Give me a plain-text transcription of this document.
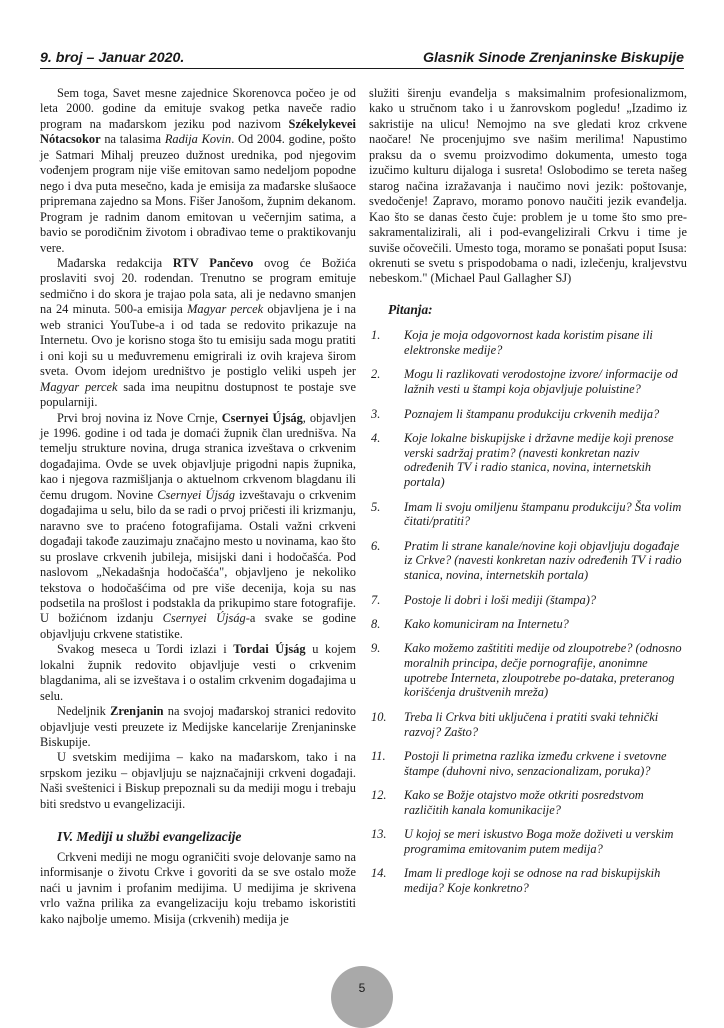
9. broj – Januar 2020.	Glasnik Sinode Zrenjaninske Biskupije

Sem toga, Savet mesne zajednice Skorenovca počeo je od leta 2000. godine da emituje svakog petka naveče radio program na mađarskom jeziku pod nazivom Székelykevei Nótacsokor na talasima Radija Kovin. Od 2004. godine, pošto je Satmari Mihalj preuzeo dužnost urednika, pod njegovim vođenjem program nije više emitovan samo nedeljom popodne nego i dva puta mesečno, kada je emisija za mađarske slušaoce pripremana zajedno sa Mons. Fišer Janošom, župnim dekanom. Program je radnim danom emitovan u večernjim satima, a bavio se porodičnim životom i obrađivao teme o praktikovanju vere.

Mađarska redakcija RTV Pančevo ovog će Božića proslaviti svoj 20. rodendan. Trenutno se program emituje sedmično i do skora je trajao pola sata, ali je nedavno smanjen na 24 minuta. 500-a emisija Magyar percek objavljena je i na web stranici YouTube-a i od tada se redovito prikazuje na Internetu. Ovo je korisno stoga što tu emisiju sada mogu pratiti i oni koji su u međuvremenu emigrirali iz ovih krajeva širom sveta. Ovom idejom uredništvo je postiglo veliki uspeh jer Magyar percek sada ima neupitnu dostupnost te postaje sve popularniji.

Prvi broj novina iz Nove Crnje, Csernyei Újság, objavljen je 1996. godine i od tada je domaći župnik član urednišva. Na temelju strukture novina, druga stranica izveštava o crkvenim događajima. Ovde se uvek objavljuje prigodni napis župnika, kao i njegova razmišljanja o aktuelnom crkvenom blagdanu ili čemu drugom. Novine Csernyei Újság izveštavaju o crkvenim događajima u selu, bilo da se radi o prvoj pričesti ili krizmanju, naravno sve to praćeno fotografijama. Ostali važni crkveni događaji takođe zauzimaju značajno mesto u novinama, kao što su proslave crkvenih jubileja, misijski dani i hodočašća. Pod naslovom „Nekadašnja hodočašća", objavljeno je nekoliko tekstova o hodočašćima od pre više decenija, koja su nas podsetila na prošlost i podstakla da prikupimo stare fotografije. U božićnom izdanju Csernyei Újság-a svake se godine objavljuju crkvene statistike.

Svakog meseca u Tordi izlazi i Tordai Újság u kojem lokalni župnik redovito objavljuje vesti o crkvenim blagdanima, ali se izveštava i o ostalim crkvenim događajima u selu.

Nedeljnik Zrenjanin na svojoj mađarskoj stranici redovito objavljuje vesti preuzete iz Medijske kancelarije Zrenjaninske Biskupije.

U svetskim medijima – kako na mađarskom, tako i na srpskom jeziku – objavljuju se najznačajniji crkveni događaji. Naši sveštenici i Biskup prepoznali su da mediji mogu i trebaju biti sredstvo u evangelizaciji.

IV. Mediji u službi evangelizacije

Crkveni mediji ne mogu ograničiti svoje delovanje samo na informisanje o životu Crkve i govoriti da se sve ostalo može naći u javnim i profanim medijima. U medijima je skrivena vrlo važna prilika za evangelizaciju koju trebamo iskoristiti kako najbolje umemo. Misija (crkvenih) medija je

služiti širenju evanđelja s maksimalnim profesionalizmom, kako u stručnom tako i u žanrovskom pogledu! „Izadimo iz sakristije na ulicu! Nemojmo na sve gledati kroz crkvene naočare! Ne procenjujmo sve našim merilima! Napustimo praksu da o svemu proizvodimo dokumenta, umesto toga izučimo kulturu dijaloga i susreta! Oslobodimo se tereta našeg starog načina izražavanja i naučimo novi jezik: poštovanje, svedočenje! Zapravo, moramo ponovo naučiti jezik evanđelja. Kao što se danas često čuje: problem je u tome što smo pre-sakramentalizirali, ali i pod-evangelizirali Crkvu i time je suviše očovečili. Umesto toga, moramo se ponašati poput Isusa: okrenuti se svetu s prispodobama o nadi, izlečenju, kraljevstvu nebeskom." (Michael Paul Gallagher SJ)

Pitanja:
1.	Koja je moja odgovornost kada koristim pisane ili elektronske medije?
2.	Mogu li razlikovati verodostojne izvore/ informacije od lažnih vesti u štampi koja objavljuje poluistine?
3.	Poznajem li štampanu produkciju crkvenih medija?
4.	Koje lokalne biskupijske i državne medije koji prenose verski sadržaj pratim? (navesti konkretan naziv određenih TV i radio stanica, novina, internetskih portala)
5.	Imam li svoju omiljenu štampanu produkciju? Šta volim čitati/pratiti?
6.	Pratim li strane kanale/novine koji objavljuju događaje iz Crkve? (navesti konkretan naziv određenih TV i radio stanica, novina, internetskih portala)
7.	Postoje li dobri i loši mediji (štampa)?
8.	Kako komuniciram na Internetu?
9.	Kako možemo zaštititi medije od zloupotrebe? (odnosno moralnih principa, dečje pornografije, anonimne upotrebe Interneta, zloupotrebe po-dataka, preteranog korišćenja društvenih mreža)
10.	Treba li Crkva biti uključena i pratiti svaki tehnički razvoj? Zašto?
11.	Postoji li primetna razlika između crkvene i svetovne štampe (duhovni nivo, senzacionalizam, poruka)?
12.	Kako se Božje otajstvo može otkriti posredstvom različitih kanala komunikacije?
13.	U kojoj se meri iskustvo Boga može doživeti u verskim programima emitovanim putem medija?
14.	Imam li predloge koji se odnose na rad biskupijskih medija? Koje konkretno?
5
